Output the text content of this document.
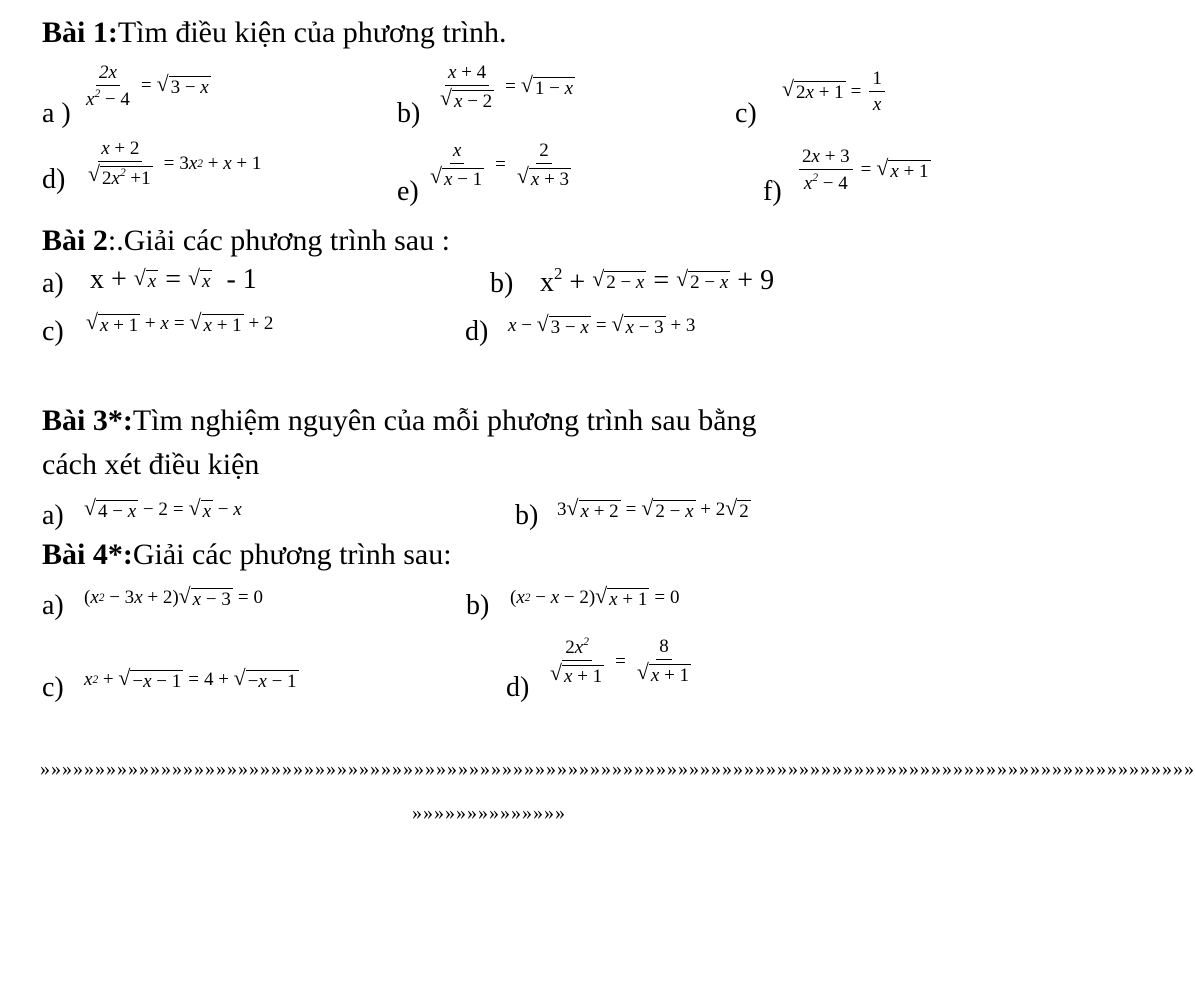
Bài 1:Tìm điều kiện của phương trình.
a )
$\frac{2x}{x^2 - 4}$ = √ 3 − x
b)
$\frac{x + 4}{√ x - 2}$ = √ 1 − x
c)
√ $2x + 1 = \frac{1}{x}$
$d) \frac{x + 2}{√ 2x^2 +1} = 3$ x 2
+ x + 1
e)
$\frac{x}{√ x - 1} = \frac{2}{√ x + 3}$
$f) \frac{2x + 3}{x^2 - 4}$ = √ x + 1
Bài 2:.Giải các phương trình sau :
a) x + √ x = √ x - 1	b) $x^2$ + √ 2 − x = √ 2 − x + 9
c) √ x + 1 + x = √ x + 1 + 2	d) x − √ 3 − x = √ x − 3 + 3
Bài 3*:Tìm nghiệm nguyên của mỗi phương trình sau bằng
cách xét điều kiện
a) √ 4 − x − 2 = √ x − x	b) 3 √ x + 2 = √ 2 − x + 2 √ 2
Bài 4*:Giải các phương trình sau:
a) ( x 2 − 3 x + 2) √ x − 3 = 0	b) ( x 2 − x − 2) √ x + 1 = 0
c) x 2 + √ −x − 1 = 4 + √ −x − 1	$d) \frac{2x^2}{√ x + 1} = \frac{8}{√ x + 1}$
»»»»»»»»»»»»»»»»»»»»»»»»»»»»»»»»»»»»»»»»»»»»»»»»»»»»»»»»»»»»»»»»»»»»»»»»»»»»»»»»»»»»»»»»»»»»»»»»»»»»»»»»»
»»»»»»»»»»»»»»
